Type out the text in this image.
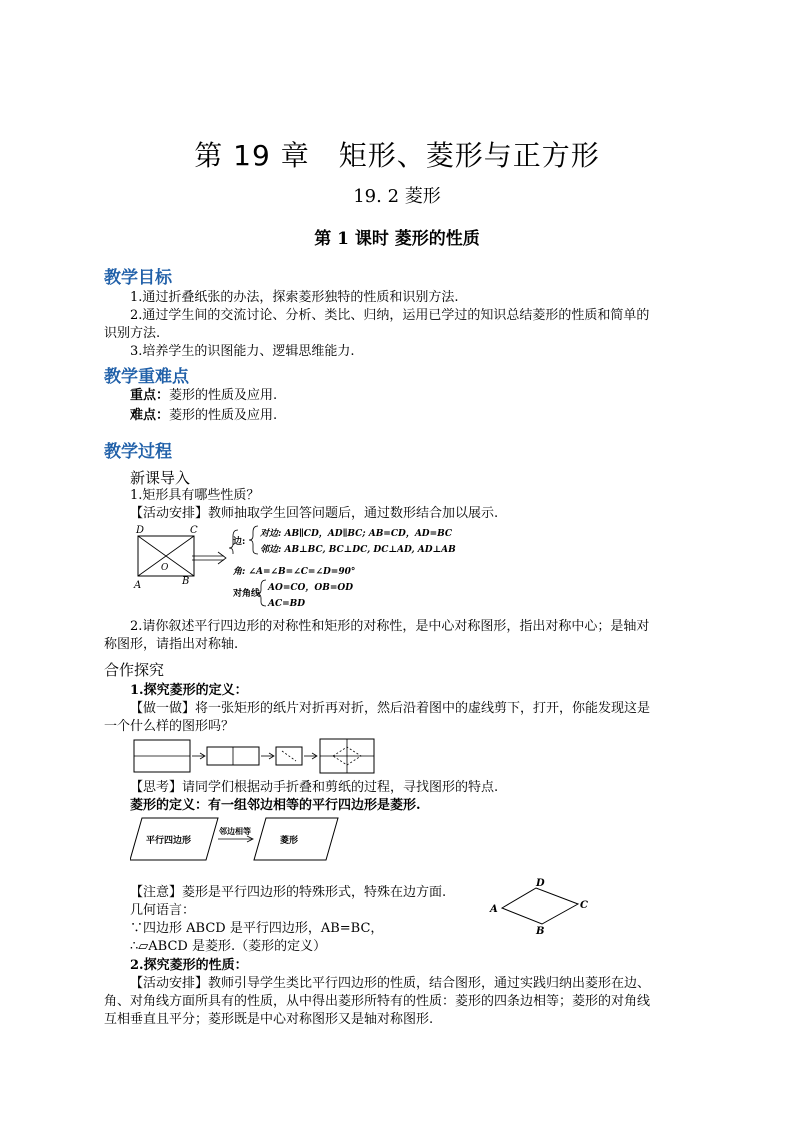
第 19 章　矩形、菱形与正方形
19. 2 菱形
第 1 课时 菱形的性质
教学目标
1.通过折叠纸张的办法，探索菱形独特的性质和识别方法.
2.通过学生间的交流讨论、分析、类比、归纳，运用已学过的知识总结菱形的性质和简单的
识别方法.
3.培养学生的识图能力、逻辑思维能力.
教学重难点
重点：菱形的性质及应用.
难点：菱形的性质及应用.
教学过程
新课导入
1.矩形具有哪些性质？
【活动安排】教师抽取学生回答问题后，通过数形结合加以展示.
D	C
O
A	B
边:
对边: AB∥CD，AD∥BC; AB=CD，AD=BC
邻边: AB⊥BC, BC⊥DC, DC⊥AD, AD⊥AB
角: ∠A=∠B=∠C=∠D=90°
对角线
AO=CO，OB=OD
AC=BD
2.请你叙述平行四边形的对称性和矩形的对称性，是中心对称图形，指出对称中心；是轴对
称图形，请指出对称轴.
合作探究
1.探究菱形的定义：
【做一做】将一张矩形的纸片对折再对折，然后沿着图中的虚线剪下，打开，你能发现这是
一个什么样的图形吗？
【思考】请同学们根据动手折叠和剪纸的过程，寻找图形的特点.
菱形的定义：有一组邻边相等的平行四边形是菱形.
平行四边形
邻边相等
菱形
【注意】菱形是平行四边形的特殊形式，特殊在边方面.
几何语言：
∵四边形 ABCD 是平行四边形，AB=BC，
∴▱ABCD 是菱形.（菱形的定义）
A
D
C
B
2.探究菱形的性质：
【活动安排】教师引导学生类比平行四边形的性质，结合图形，通过实践归纳出菱形在边、
角、对角线方面所具有的性质，从中得出菱形所特有的性质：菱形的四条边相等；菱形的对角线
互相垂直且平分；菱形既是中心对称图形又是轴对称图形.
